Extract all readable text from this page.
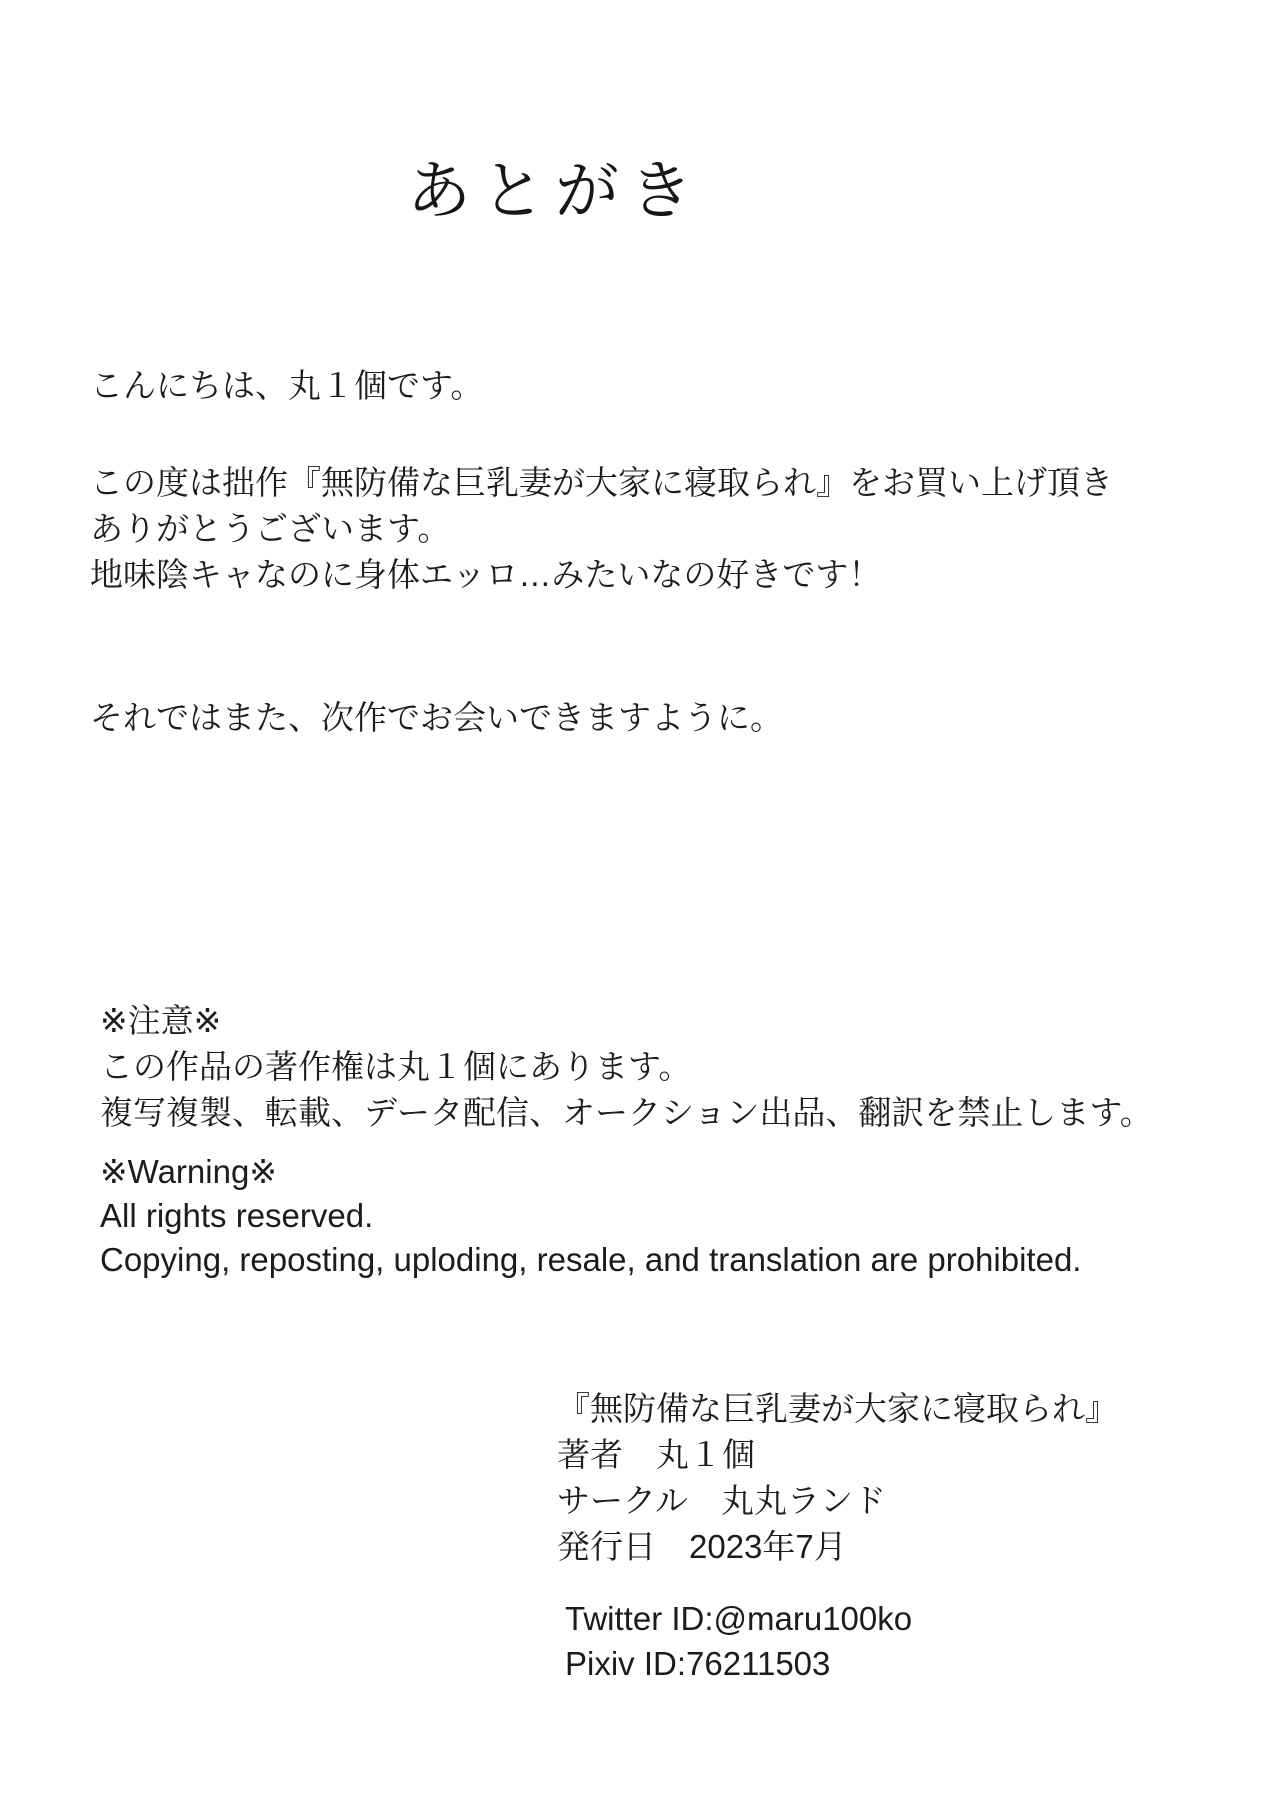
あとがき
こんにちは、丸１個です。
この度は拙作『無防備な巨乳妻が大家に寝取られ』をお買い上げ頂き
ありがとうございます。
地味陰キャなのに身体エッロ…みたいなの好きです！
それではまた、次作でお会いできますように。
※注意※
この作品の著作権は丸１個にあります。
複写複製、転載、データ配信、オークション出品、翻訳を禁止します。
※Warning※
All rights reserved.
Copying, reposting, uploding, resale, and translation are prohibited.
『無防備な巨乳妻が大家に寝取られ』
著者　丸１個
サークル　丸丸ランド
発行日　2023年7月
Twitter ID:@maru100ko
Pixiv ID:76211503
